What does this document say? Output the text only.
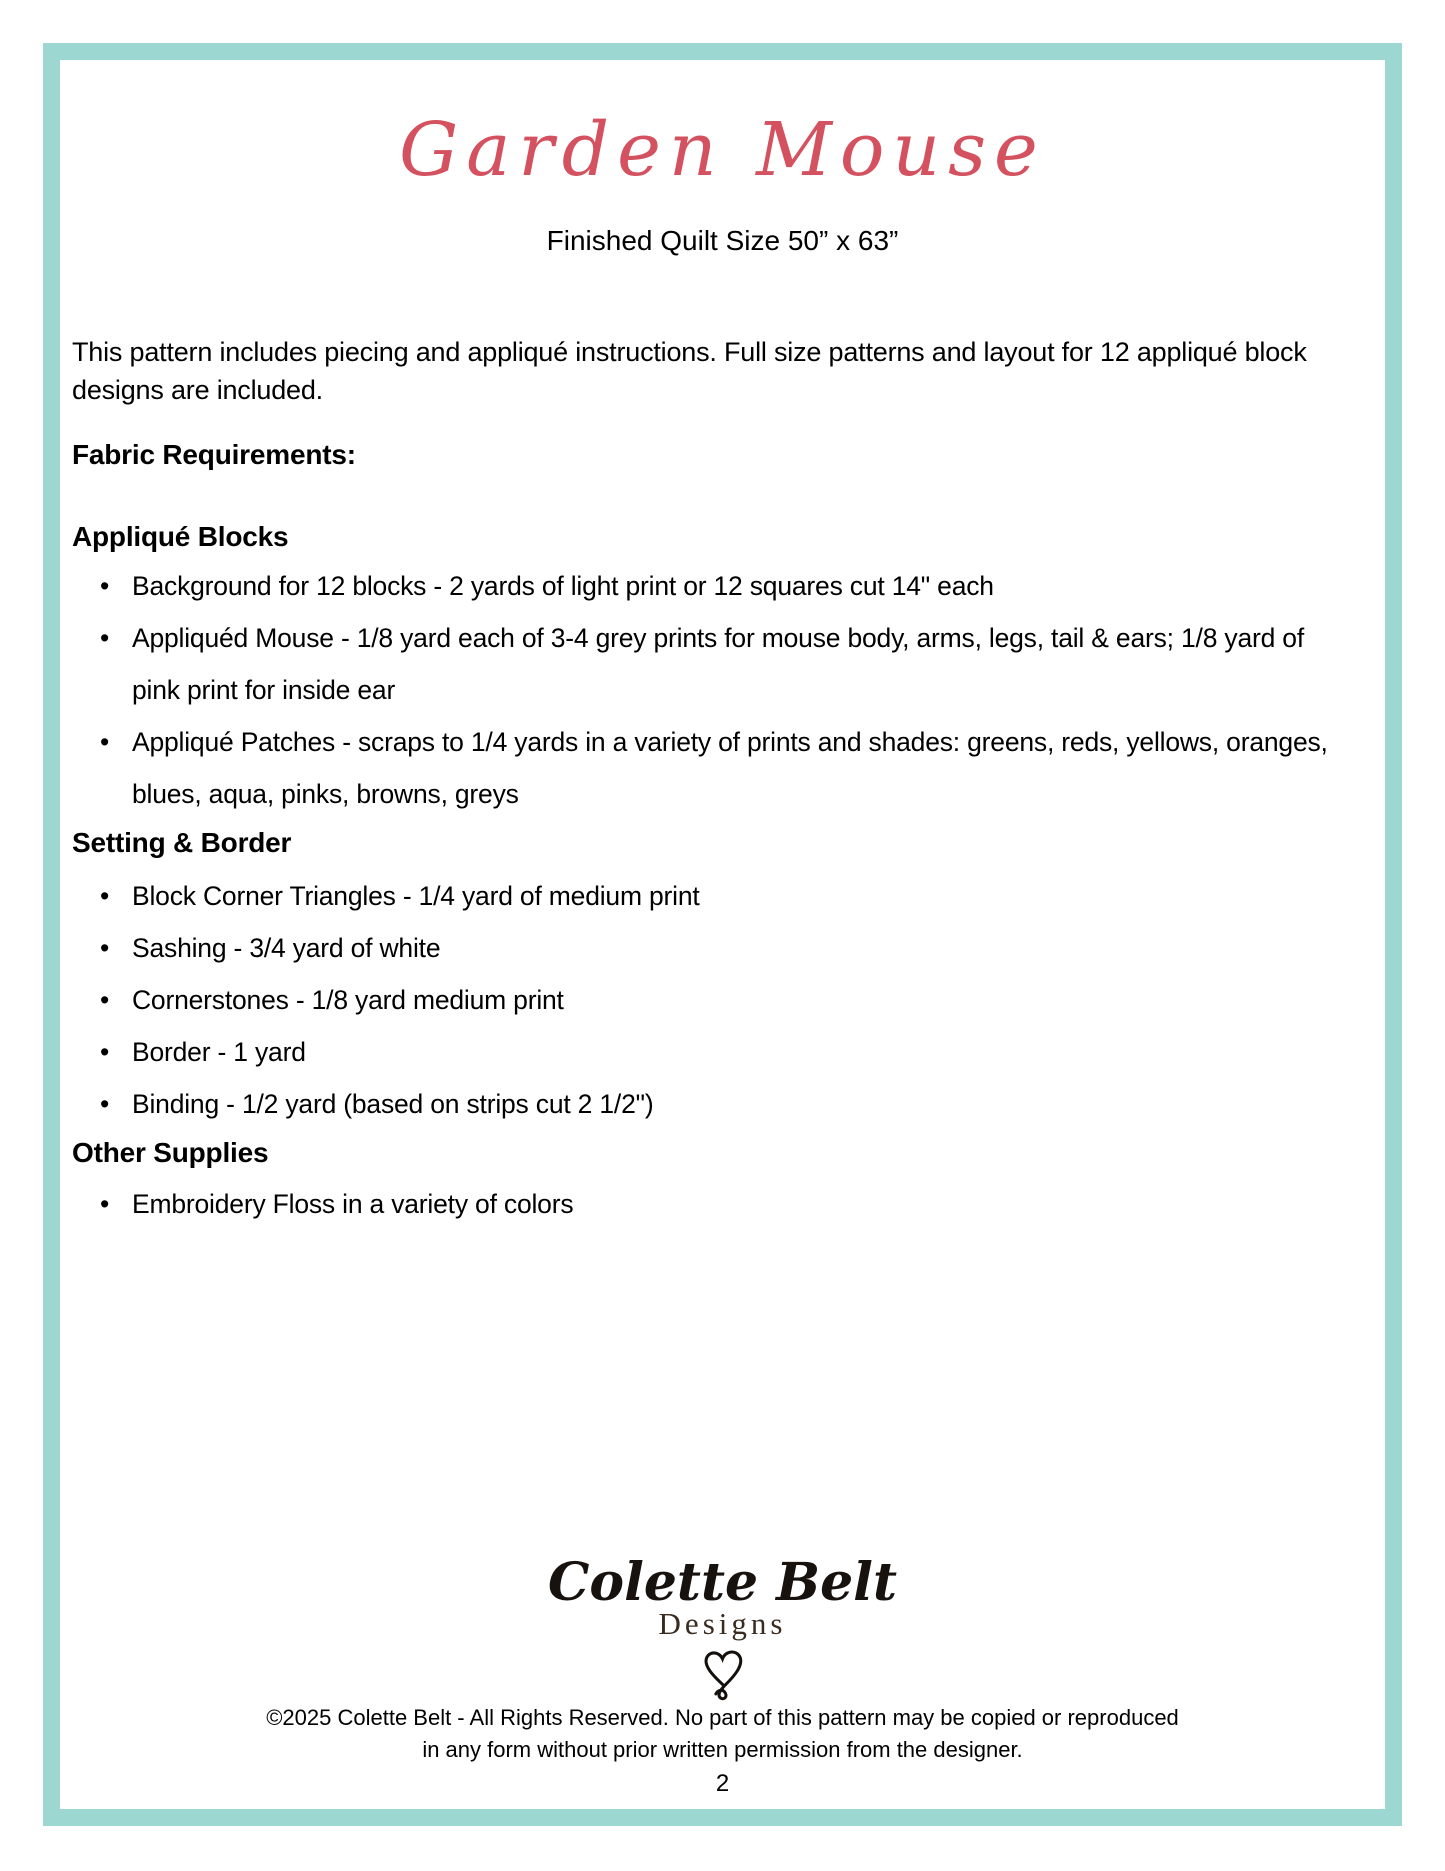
Garden Mouse
Finished Quilt Size 50” x 63”

This pattern includes piecing and appliqué instructions. Full size patterns and layout for 12 appliqué block designs are included.

Fabric Requirements:
Appliqué Blocks
• Background for 12 blocks - 2 yards of light print or 12 squares cut 14" each
• Appliquéd Mouse - 1/8 yard each of 3-4 grey prints for mouse body, arms, legs, tail & ears; 1/8 yard of pink print for inside ear
• Appliqué Patches - scraps to 1/4 yards in a variety of prints and shades: greens, reds, yellows, oranges, blues, aqua, pinks, browns, greys
Setting & Border
• Block Corner Triangles - 1/4 yard of medium print
• Sashing - 3/4 yard of white
• Cornerstones - 1/8 yard medium print
• Border - 1 yard
• Binding - 1/2 yard (based on strips cut 2 1/2")
Other Supplies
• Embroidery Floss in a variety of colors
Colette Belt
Designs
©2025 Colette Belt - All Rights Reserved. No part of this pattern may be copied or reproduced
in any form without prior written permission from the designer.
2
